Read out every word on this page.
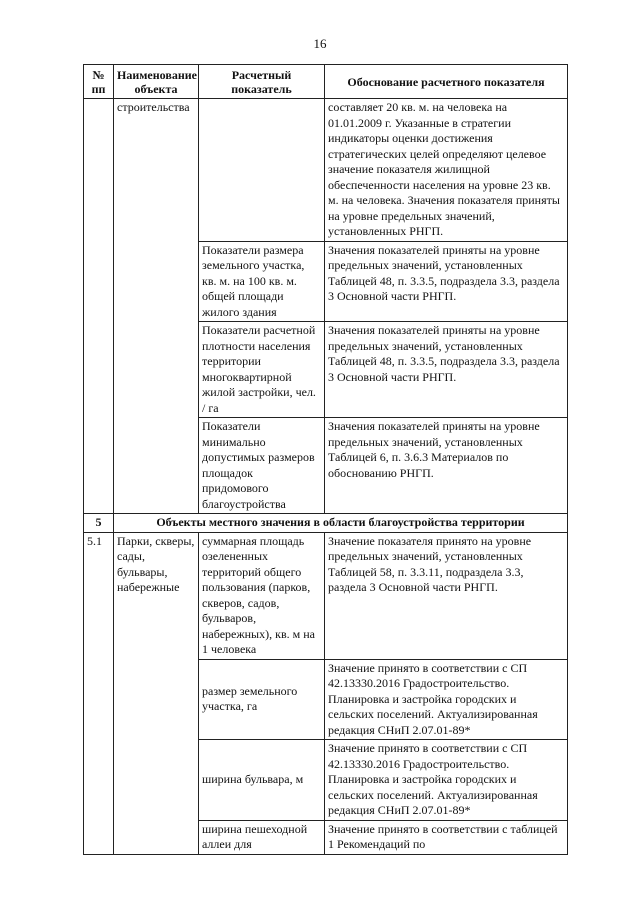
16
№ пп	Наименование объекта	Расчетный показатель	Обоснование расчетного показателя
	строительства		составляет 20 кв. м. на человека на 01.01.2009 г. Указанные в стратегии индикаторы оценки достижения стратегических целей определяют целевое значение показателя жилищной обеспеченности населения на уровне 23 кв. м. на человека. Значения показателя приняты на уровне предельных значений, установленных РНГП.
		Показатели размера земельного участка, кв. м. на 100 кв. м. общей площади жилого здания	Значения показателей приняты на уровне предельных значений, установленных Таблицей 48, п. 3.3.5, подраздела 3.3, раздела 3 Основной части РНГП.
		Показатели расчетной плотности населения территории многоквартирной жилой застройки, чел. / га	Значения показателей приняты на уровне предельных значений, установленных Таблицей 48, п. 3.3.5, подраздела 3.3, раздела 3 Основной части РНГП.
		Показатели минимально допустимых размеров площадок придомового благоустройства	Значения показателей приняты на уровне предельных значений, установленных Таблицей 6, п. 3.6.3 Материалов по обоснованию РНГП.
5	Объекты местного значения в области благоустройства территории		
5.1	Парки, скверы, сады, бульвары, набережные	суммарная площадь озелененных территорий общего пользования (парков, скверов, садов, бульваров, набережных), кв. м на 1 человека	Значение показателя принято на уровне предельных значений, установленных Таблицей 58, п. 3.3.11, подраздела 3.3, раздела 3 Основной части РНГП.
		размер земельного участка, га	Значение принято в соответствии с СП 42.13330.2016 Градостроительство. Планировка и застройка городских и сельских поселений. Актуализированная редакция СНиП 2.07.01-89*
		ширина бульвара, м	Значение принято в соответствии с СП 42.13330.2016 Градостроительство. Планировка и застройка городских и сельских поселений. Актуализированная редакция СНиП 2.07.01-89*
		ширина пешеходной аллеи для	Значение принято в соответствии с таблицей 1 Рекомендаций по
